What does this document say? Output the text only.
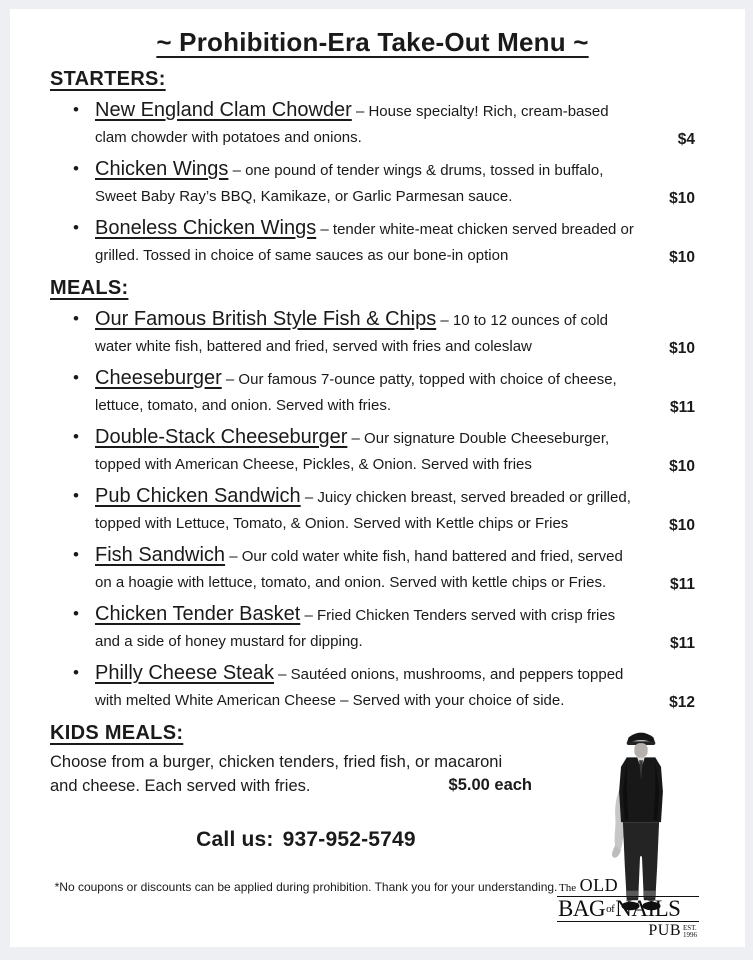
~ Prohibition-Era Take-Out Menu ~
STARTERS:
•
New England Clam Chowder – House specialty! Rich, cream-based clam chowder with potatoes and onions.	$4
•
Chicken Wings – one pound of tender wings & drums, tossed in buffalo, Sweet Baby Ray’s BBQ, Kamikaze, or Garlic Parmesan sauce.	$10
•
Boneless Chicken Wings – tender white-meat chicken served breaded or grilled. Tossed in choice of same sauces as our bone-in option	$10
MEALS:
•
Our Famous British Style Fish & Chips – 10 to 12 ounces of cold water white fish, battered and fried, served with fries and coleslaw	$10
•
Cheeseburger – Our famous 7-ounce patty, topped with choice of cheese, lettuce, tomato, and onion. Served with fries.	$11
•
Double-Stack Cheeseburger – Our signature Double Cheeseburger, topped with American Cheese, Pickles, & Onion. Served with fries	$10
•
Pub Chicken Sandwich – Juicy chicken breast, served breaded or grilled, topped with Lettuce, Tomato, & Onion. Served with Kettle chips or Fries	$10
•
Fish Sandwich – Our cold water white fish, hand battered and fried, served on a hoagie with lettuce, tomato, and onion. Served with kettle chips or Fries.	$11
•
Chicken Tender Basket – Fried Chicken Tenders served with crisp fries and a side of honey mustard for dipping.	$11
•
Philly Cheese Steak – Sautéed onions, mushrooms, and peppers topped with melted White American Cheese – Served with your choice of side.	$12
KIDS MEALS:
Choose from a burger, chicken tenders, fried fish, or macaroni and cheese. Each served with fries.	$5.00 each
Call us: 937-952-5749
*No coupons or discounts can be applied during prohibition. Thank you for your understanding. The OLD
BAGofNAILS
PUB EST.
1996
